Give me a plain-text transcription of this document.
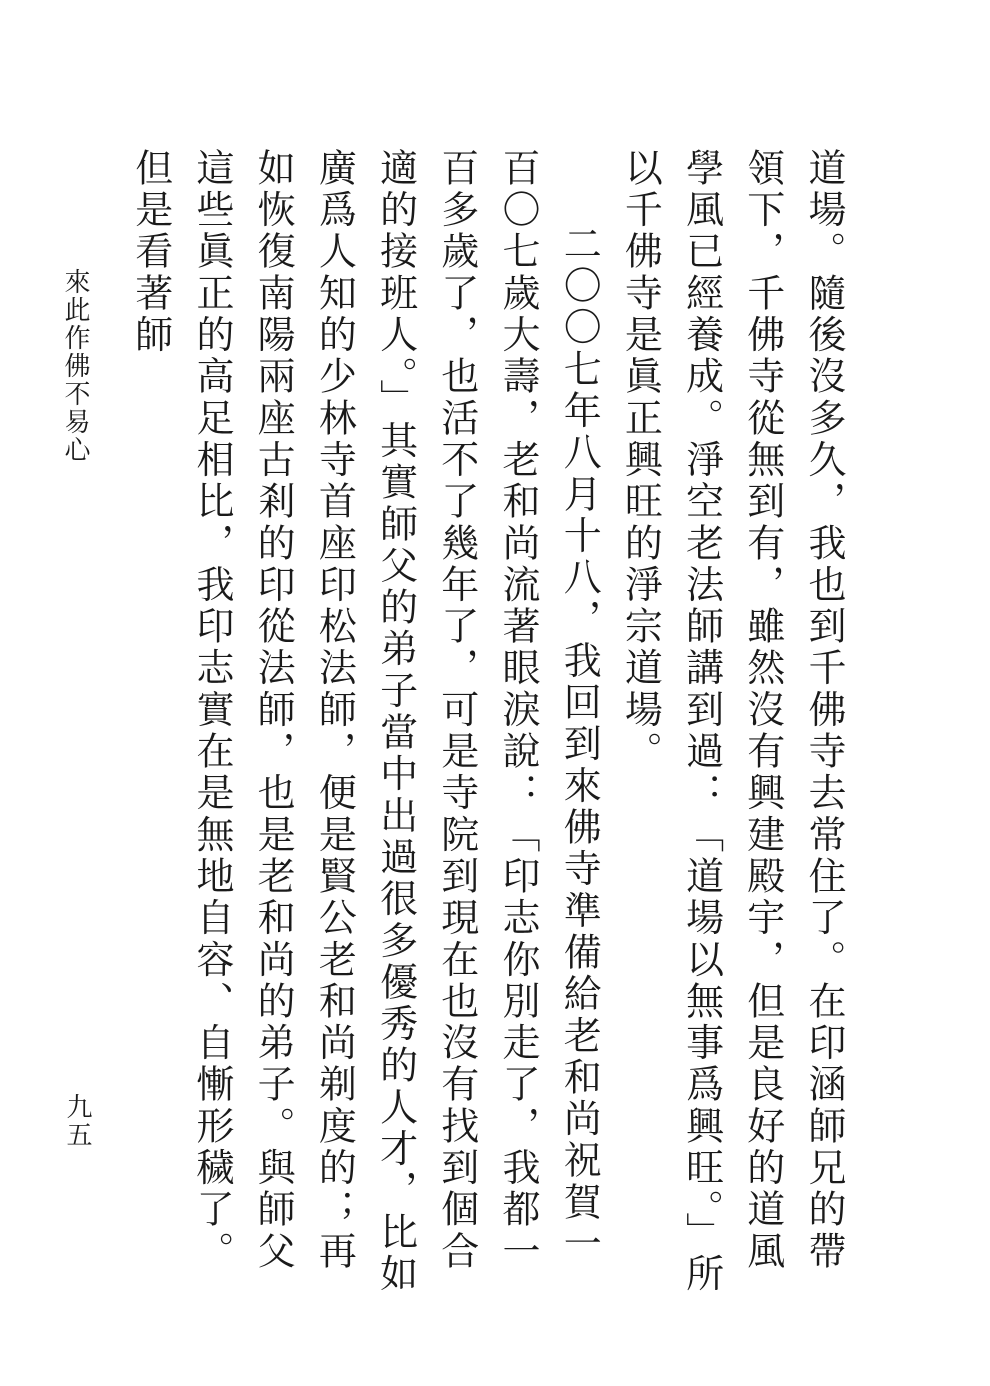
道場。隨後沒多久，我也到千佛寺去常住了。在印涵師兄的帶領下，千佛寺從無到有，雖然沒有興建殿宇，但是良好的道風學風已經養成。淨空老法師講到過：「道場以無事爲興旺。」所以千佛寺是眞正興旺的淨宗道場。

二〇〇七年八月十八，我回到來佛寺準備給老和尚祝賀一百〇七歲大壽，老和尚流著眼淚說：「印志你別走了，我都一百多歲了，也活不了幾年了，可是寺院到現在也沒有找到個合適的接班人。」其實師父的弟子當中出過很多優秀的人才，比如廣爲人知的少林寺首座印松法師，便是賢公老和尚剃度的；再如恢復南陽兩座古剎的印從法師，也是老和尚的弟子。與師父這些眞正的高足相比，我印志實在是無地自容、自慚形穢了。但是看著師

來此作佛不易心
九五
